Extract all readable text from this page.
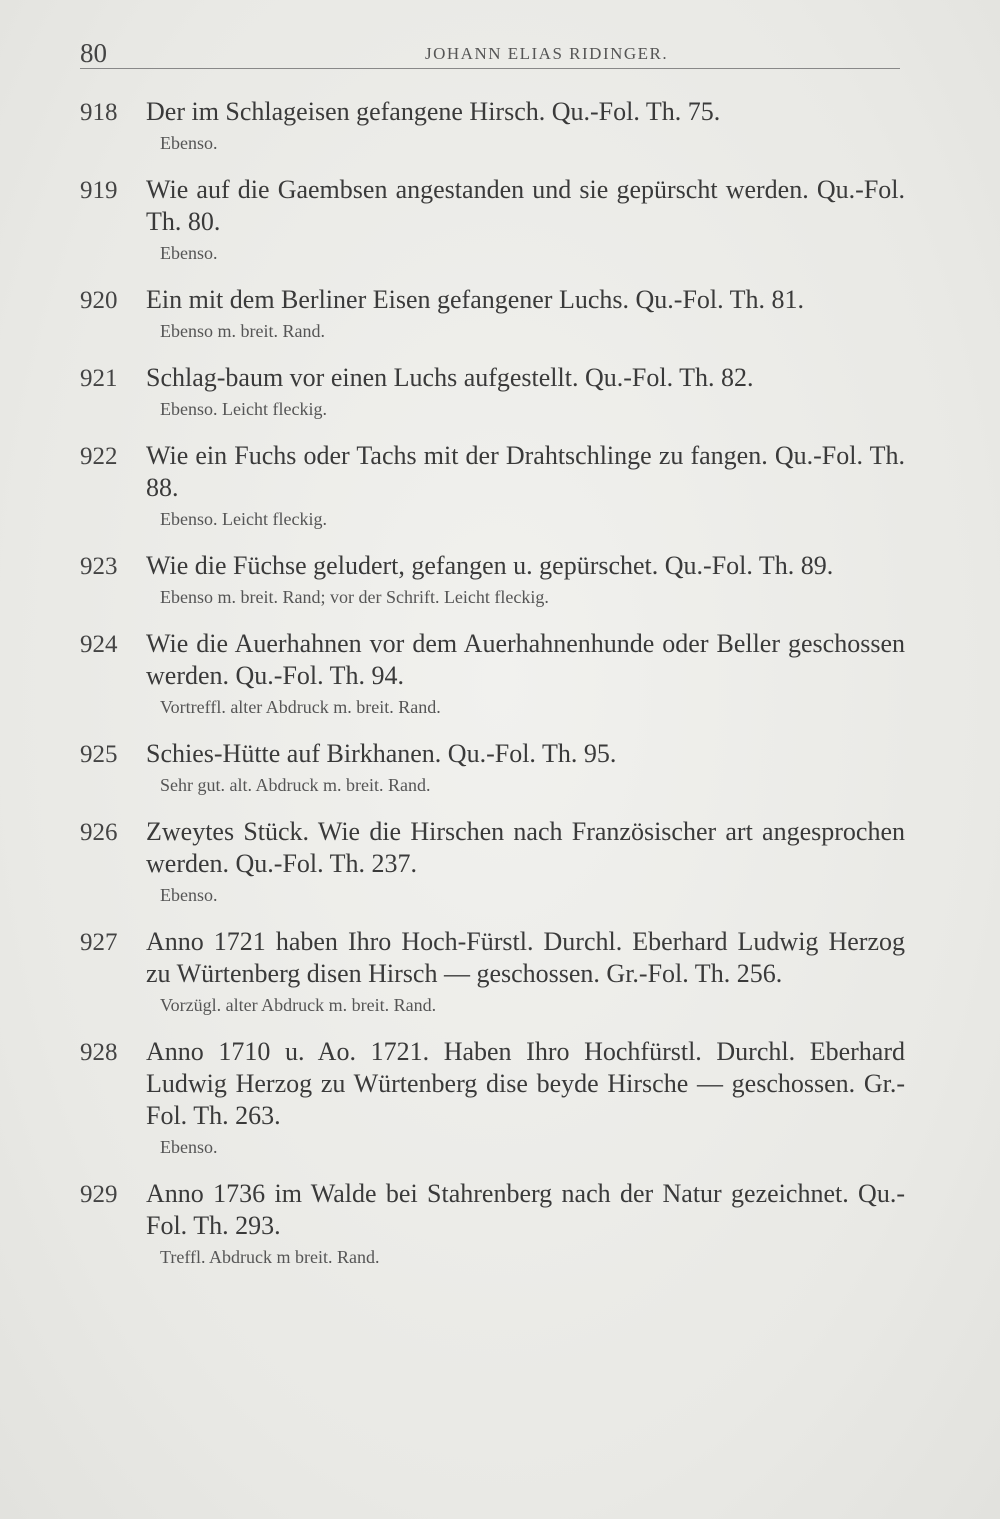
80	JOHANN ELIAS RIDINGER.
918	Der im Schlageisen gefangene Hirsch. Qu.-Fol. Th. 75.
Ebenso.
919	Wie auf die Gaembsen angestanden und sie gepürscht werden. Qu.-Fol. Th. 80.
Ebenso.
920	Ein mit dem Berliner Eisen gefangener Luchs. Qu.-Fol. Th. 81.
Ebenso m. breit. Rand.
921	Schlag-baum vor einen Luchs aufgestellt. Qu.-Fol. Th. 82.
Ebenso. Leicht fleckig.
922	Wie ein Fuchs oder Tachs mit der Drahtschlinge zu fangen. Qu.-Fol. Th. 88.
Ebenso. Leicht fleckig.
923	Wie die Füchse geludert, gefangen u. gepürschet. Qu.-Fol. Th. 89.
Ebenso m. breit. Rand; vor der Schrift. Leicht fleckig.
924	Wie die Auerhahnen vor dem Auerhahnenhunde oder Beller geschossen werden. Qu.-Fol. Th. 94.
Vortreffl. alter Abdruck m. breit. Rand.
925	Schies-Hütte auf Birkhanen. Qu.-Fol. Th. 95.
Sehr gut. alt. Abdruck m. breit. Rand.
926	Zweytes Stück. Wie die Hirschen nach Französischer art angesprochen werden. Qu.-Fol. Th. 237.
Ebenso.
927	Anno 1721 haben Ihro Hoch-Fürstl. Durchl. Eberhard Ludwig Herzog zu Würtenberg disen Hirsch — geschossen. Gr.-Fol. Th. 256.
Vorzügl. alter Abdruck m. breit. Rand.
928	Anno 1710 u. Ao. 1721. Haben Ihro Hochfürstl. Durchl. Eberhard Ludwig Herzog zu Würtenberg dise beyde Hirsche — geschossen. Gr.-Fol. Th. 263.
Ebenso.
929	Anno 1736 im Walde bei Stahrenberg nach der Natur gezeichnet. Qu.-Fol. Th. 293.
Treffl. Abdruck m breit. Rand.
